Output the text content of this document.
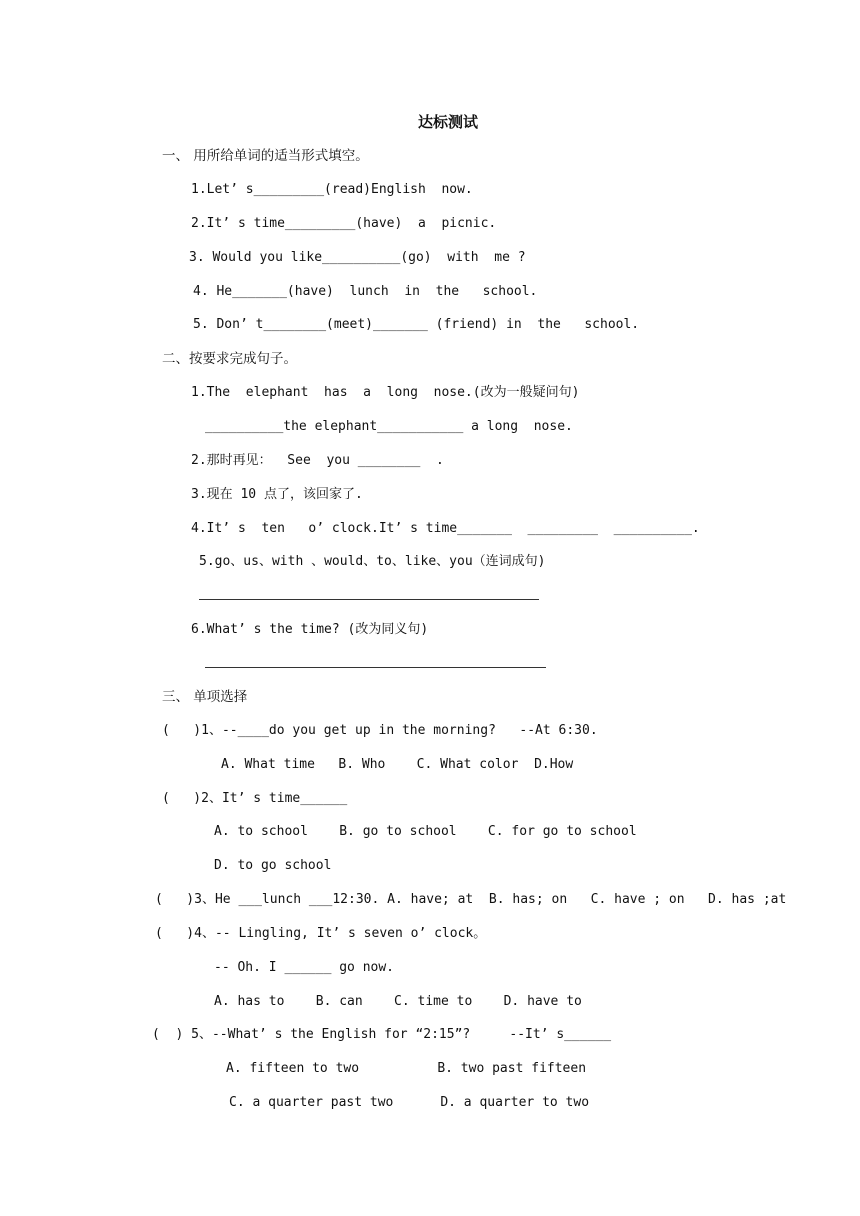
达标测试
一、 用所给单词的适当形式填空。
1.Let’ s_________(read)English  now.
2.It’ s time_________(have)  a  picnic.
3. Would you like__________(go)  with  me ?
4. He_______(have)  lunch  in  the   school.
5. Don’ t________(meet)_______ (friend) in  the   school.
二、按要求完成句子。
1.The  elephant  has  a  long  nose.(改为一般疑问句)
__________the elephant___________ a long  nose.
2.那时再见：  See  you ________  .
3.现在 10 点了，该回家了.
4.It’ s  ten   o’ clock.It’ s time_______  _________  __________.
5.go、us、with 、would、to、like、you（连词成句)
6.What’ s the time? (改为同义句)
三、 单项选择
(   )1、--____do you get up in the morning?   --At 6:30.
A. What time   B. Who    C. What color  D.How
(   )2、It’ s time______
A. to school    B. go to school    C. for go to school
D. to go school
(   )3、He ___lunch ___12:30. A. have; at  B. has; on   C. have ; on   D. has ;at
(   )4、-- Lingling, It’ s seven o’ clock。
-- Oh. I ______ go now.
A. has to    B. can    C. time to    D. have to
(  ) 5、--What’ s the English for “2:15”?     --It’ s______
A. fifteen to two          B. two past fifteen
C. a quarter past two      D. a quarter to two
